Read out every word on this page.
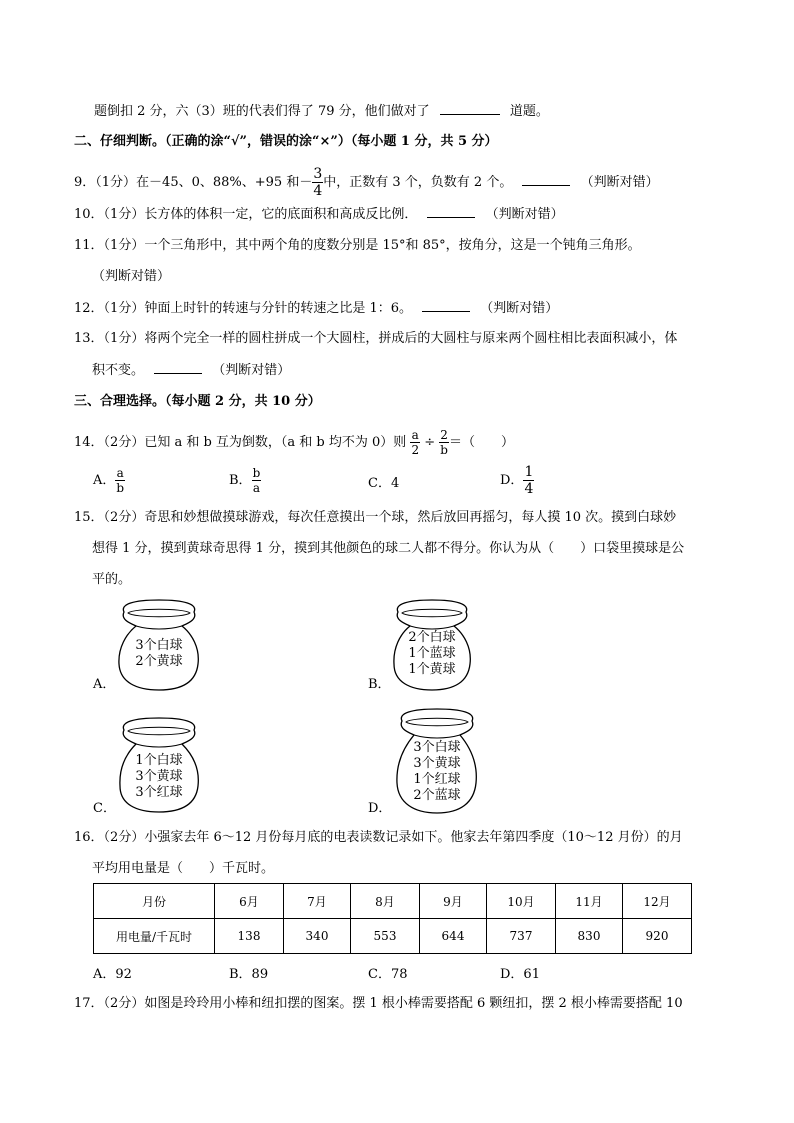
题倒扣 2 分，六（3）班的代表们得了 79 分，他们做对了	道题。
二、仔细判断。（正确的涂“√”，错误的涂“×”）（每小题 1 分，共 5 分）
9．（1分）在－45、0、88%、+95 和－ $\frac{3}{4}$ 中，正数有 3 个，负数有 2 个。	（判断对错）
10．（1分）长方体的体积一定，它的底面积和高成反比例．	（判断对错）
11．（1分）一个三角形中，其中两个角的度数分别是 15°和 85°，按角分，这是一个钝角三角形。
（判断对错）
12．（1分）钟面上时针的转速与分针的转速之比是 1：6。	（判断对错）
13．（1分）将两个完全一样的圆柱拼成一个大圆柱，拼成后的大圆柱与原来两个圆柱相比表面积减小，体
积不变。	（判断对错）
三、合理选择。（每小题 2 分，共 10 分）
14．（2分）已知 a 和 b 互为倒数，（a 和 b 均不为 0）则 $\frac{a}{2} \div \frac{2}{b}$ ＝（　　）
A． $\frac{a}{b}$	B． $\frac{b}{a}$	C．4	D． $\frac{1}{4}$
15．（2分）奇思和妙想做摸球游戏，每次任意摸出一个球，然后放回再摇匀，每人摸 10 次。摸到白球妙
想得 1 分，摸到黄球奇思得 1 分，摸到其他颜色的球二人都不得分。你认为从（　　）口袋里摸球是公
平的。
A．
3个白球
2个黄球
B．
2个白球
1个蓝球
1个黄球
C．
1个白球
3个黄球
3个红球
D．
3个白球
3个黄球
1个红球
2个蓝球
16．（2分）小强家去年 6～12 月份每月底的电表读数记录如下。他家去年第四季度（10～12 月份）的月
平均用电量是（　　）千瓦时。
月份	6月	7月	8月	9月	10月	11月	12月
用电量/千瓦时	138	340	553	644	737	830	920
A．92	B．89	C．78	D．61
17．（2分）如图是玲玲用小棒和纽扣摆的图案。摆 1 根小棒需要搭配 6 颗纽扣，摆 2 根小棒需要搭配 10
